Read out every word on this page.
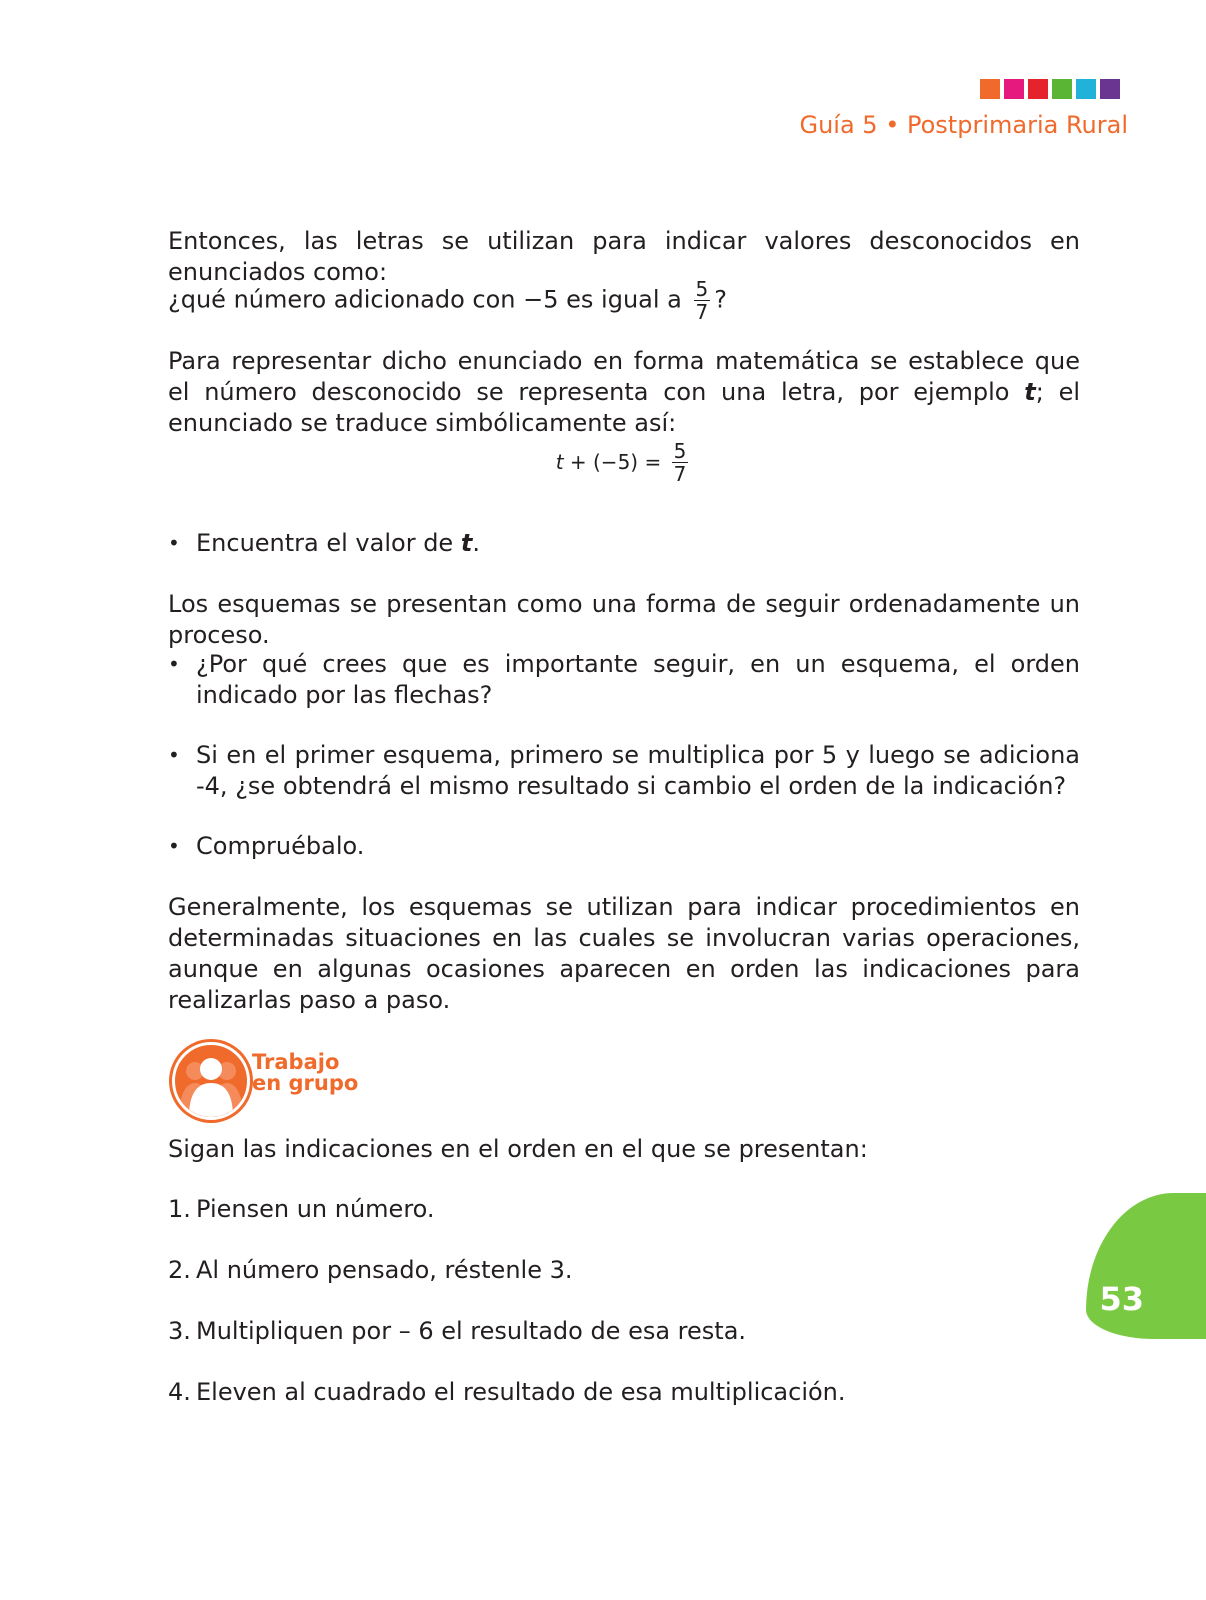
Guía 5 • Postprimaria Rural

Entonces, las letras se utilizan para indicar valores desconocidos en enunciados como:

¿qué número adicionado con −5 es igual a $\frac{5}{7}$ ?

Para representar dicho enunciado en forma matemática se establece que el número desconocido se representa con una letra, por ejemplo t; el enunciado se traduce simbólicamente así:

$t + (-5) = \frac{5}{7}$
• Encuentra el valor de t.

Los esquemas se presentan como una forma de seguir ordenadamente un proceso.

• ¿Por qué crees que es importante seguir, en un esquema, el orden indicado por las flechas?
• Si en el primer esquema, primero se multiplica por 5 y luego se adiciona -4, ¿se obtendrá el mismo resultado si cambio el orden de la indicación?
• Compruébalo.

Generalmente, los esquemas se utilizan para indicar procedimientos en determinadas situaciones en las cuales se involucran varias operaciones, aunque en algunas ocasiones aparecen en orden las indicaciones para realizarlas paso a paso.

Trabajo
en grupo

Sigan las indicaciones en el orden en el que se presentan:

1. Piensen un número.
2. Al número pensado, réstenle 3.
3. Multipliquen por – 6 el resultado de esa resta.
4. Eleven al cuadrado el resultado de esa multiplicación.
53
